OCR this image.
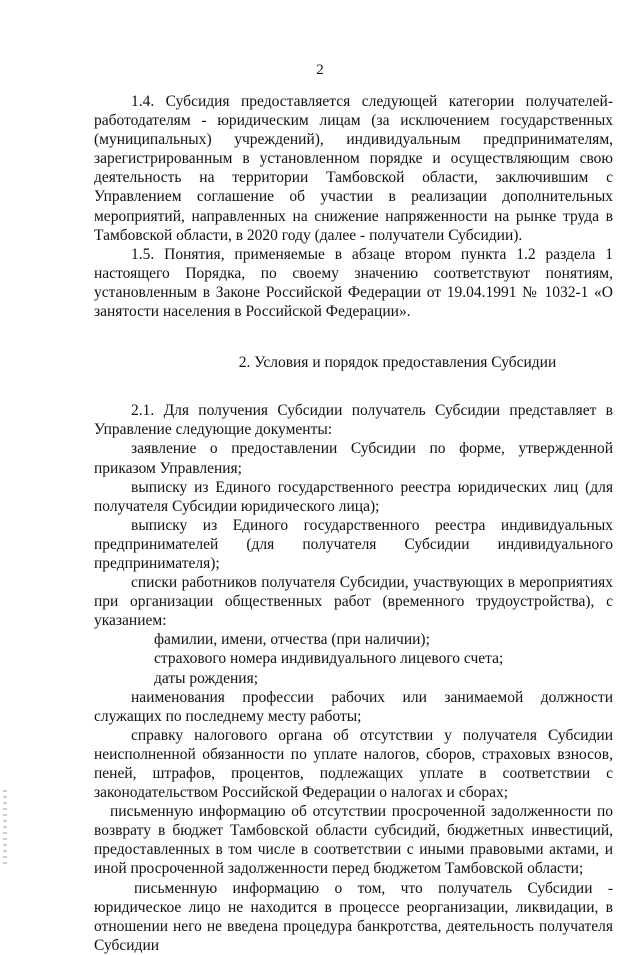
2

1.4. Субсидия предоставляется следующей категории получателей-работодателям - юридическим лицам (за исключением государственных (муниципальных) учреждений), индивидуальным предпринимателям, зарегистрированным в установленном порядке и осуществляющим свою деятельность на территории Тамбовской области, заключившим с Управлением соглашение об участии в реализации дополнительных мероприятий, направленных на снижение напряженности на рынке труда в Тамбовской области, в 2020 году (далее - получатели Субсидии).

1.5. Понятия, применяемые в абзаце втором пункта 1.2 раздела 1 настоящего Порядка, по своему значению соответствуют понятиям, установленным в Законе Российской Федерации от 19.04.1991 № 1032-1 «О занятости населения в Российской Федерации».

2. Условия и порядок предоставления Субсидии

2.1. Для получения Субсидии получатель Субсидии представляет в Управление следующие документы:

заявление о предоставлении Субсидии по форме, утвержденной приказом Управления;

выписку из Единого государственного реестра юридических лиц (для получателя Субсидии юридического лица);

выписку из Единого государственного реестра индивидуальных предпринимателей (для получателя Субсидии индивидуального предпринимателя);

списки работников получателя Субсидии, участвующих в мероприятиях при организации общественных работ (временного трудоустройства), с указанием:

фамилии, имени, отчества (при наличии);

страхового номера индивидуального лицевого счета;

даты рождения;

наименования профессии рабочих или занимаемой должности служащих по последнему месту работы;

справку налогового органа об отсутствии у получателя Субсидии неисполненной обязанности по уплате налогов, сборов, страховых взносов, пеней, штрафов, процентов, подлежащих уплате в соответствии с законодательством Российской Федерации о налогах и сборах;

письменную информацию об отсутствии просроченной задолженности по возврату в бюджет Тамбовской области субсидий, бюджетных инвестиций, предоставленных в том числе в соответствии с иными правовыми актами, и иной просроченной задолженности перед бюджетом Тамбовской области;

письменную информацию о том, что получатель Субсидии - юридическое лицо не находится в процессе реорганизации, ликвидации, в отношении него не введена процедура банкротства, деятельность получателя Субсидии
